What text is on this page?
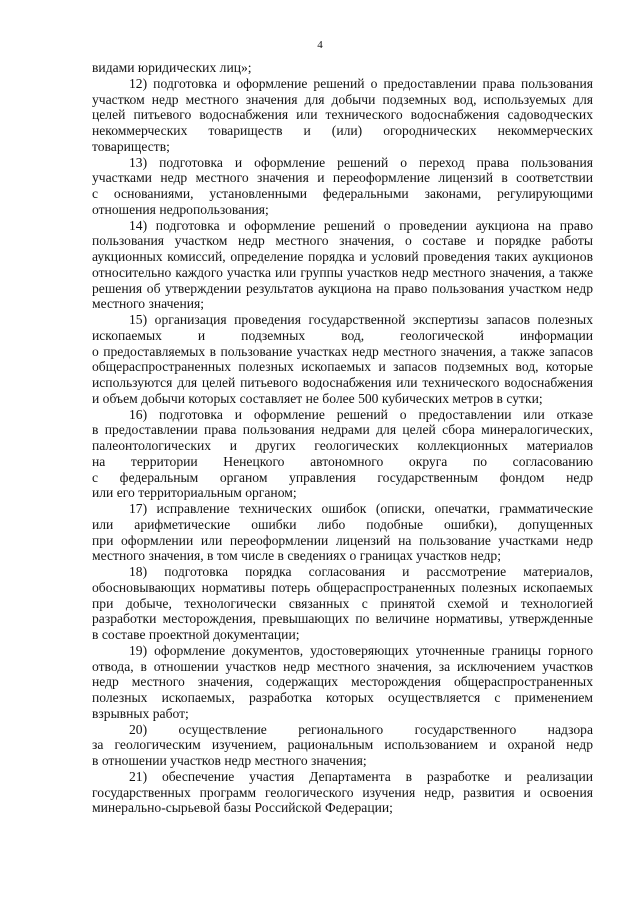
4
видами юридических лиц»;
12) подготовка и оформление решений о предоставлении права пользования
участком недр местного значения для добычи подземных вод, используемых для
целей питьевого водоснабжения или технического водоснабжения садоводческих
некоммерческих товариществ и (или) огороднических некоммерческих
товариществ;
13) подготовка и оформление решений о переход права пользования
участками недр местного значения и переоформление лицензий в соответствии
с основаниями, установленными федеральными законами, регулирующими
отношения недропользования;
14) подготовка и оформление решений о проведении аукциона на право
пользования участком недр местного значения, о составе и порядке работы
аукционных комиссий, определение порядка и условий проведения таких аукционов
относительно каждого участка или группы участков недр местного значения, а также
решения об утверждении результатов аукциона на право пользования участком недр
местного значения;
15) организация проведения государственной экспертизы запасов полезных
ископаемых и подземных вод, геологической информации
о предоставляемых в пользование участках недр местного значения, а также запасов
общераспространенных полезных ископаемых и запасов подземных вод, которые
используются для целей питьевого водоснабжения или технического водоснабжения
и объем добычи которых составляет не более 500 кубических метров в сутки;
16) подготовка и оформление решений о предоставлении или отказе
в предоставлении права пользования недрами для целей сбора минералогических,
палеонтологических и других геологических коллекционных материалов
на территории Ненецкого автономного округа по согласованию
с федеральным органом управления государственным фондом недр
или его территориальным органом;
17) исправление технических ошибок (описки, опечатки, грамматические
или арифметические ошибки либо подобные ошибки), допущенных
при оформлении или переоформлении лицензий на пользование участками недр
местного значения, в том числе в сведениях о границах участков недр;
18) подготовка порядка согласования и рассмотрение материалов,
обосновывающих нормативы потерь общераспространенных полезных ископаемых
при добыче, технологически связанных с принятой схемой и технологией
разработки месторождения, превышающих по величине нормативы, утвержденные
в составе проектной документации;
19) оформление документов, удостоверяющих уточненные границы горного
отвода, в отношении участков недр местного значения, за исключением участков
недр местного значения, содержащих месторождения общераспространенных
полезных ископаемых, разработка которых осуществляется с применением
взрывных работ;
20) осуществление регионального государственного надзора
за геологическим изучением, рациональным использованием и охраной недр
в отношении участков недр местного значения;
21) обеспечение участия Департамента в разработке и реализации
государственных программ геологического изучения недр, развития и освоения
минерально-сырьевой базы Российской Федерации;
